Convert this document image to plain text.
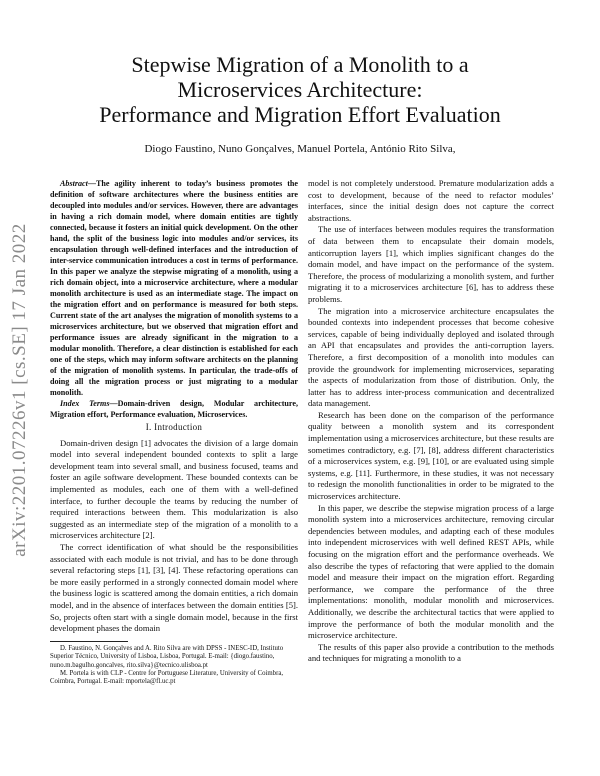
arXiv:2201.07226v1 [cs.SE] 17 Jan 2022
Stepwise Migration of a Monolith to a
Microservices Architecture:
Performance and Migration Effort Evaluation
Diogo Faustino, Nuno Gonçalves, Manuel Portela, António Rito Silva,

Abstract—The agility inherent to today’s business promotes the definition of software architectures where the business entities are decoupled into modules and/or services. However, there are advantages in having a rich domain model, where domain entities are tightly connected, because it fosters an initial quick development. On the other hand, the split of the business logic into modules and/or services, its encapsulation through well-defined interfaces and the introduction of inter-service communication introduces a cost in terms of performance. In this paper we analyze the stepwise migrating of a monolith, using a rich domain object, into a microservice architecture, where a modular monolith architecture is used as an intermediate stage. The impact on the migration effort and on performance is measured for both steps. Current state of the art analyses the migration of monolith systems to a microservices architecture, but we observed that migration effort and performance issues are already significant in the migration to a modular monolith. Therefore, a clear distinction is established for each one of the steps, which may inform software architects on the planning of the migration of monolith systems. In particular, the trade-offs of doing all the migration process or just migrating to a modular monolith.

Index Terms—Domain-driven design, Modular architecture, Migration effort, Performance evaluation, Microservices.

I. Introduction

Domain-driven design [1] advocates the division of a large domain model into several independent bounded contexts to split a large development team into several small, and business focused, teams and foster an agile software development. These bounded contexts can be implemented as modules, each one of them with a well-defined interface, to further decouple the teams by reducing the number of required interactions between them. This modularization is also suggested as an intermediate step of the migration of a monolith to a microservices architecture [2].

The correct identification of what should be the responsibilities associated with each module is not trivial, and has to be done through several refactoring steps [1], [3], [4]. These refactoring operations can be more easily performed in a strongly connected domain model where the business logic is scattered among the domain entities, a rich domain model, and in the absence of interfaces between the domain entities [5]. So, projects often start with a single domain model, because in the first development phases the domain

D. Faustino, N. Gonçalves and A. Rito Silva are with DPSS - INESC-ID, Instituto Superior Técnico, University of Lisboa, Lisboa, Portugal. E-mail: {diogo.faustino, nuno.m.bagulho.goncalves, rito.silva}@tecnico.ulisboa.pt

M. Portela is with CLP - Centre for Portuguese Literature, University of Coimbra, Coimbra, Portugal. E-mail: mportela@fl.uc.pt

model is not completely understood. Premature modularization adds a cost to development, because of the need to refactor modules’ interfaces, since the initial design does not capture the correct abstractions.

The use of interfaces between modules requires the transformation of data between them to encapsulate their domain models, anticorruption layers [1], which implies significant changes do the domain model, and have impact on the performance of the system. Therefore, the process of modularizing a monolith system, and further migrating it to a microservices architecture [6], has to address these problems.

The migration into a microservice architecture encapsulates the bounded contexts into independent processes that become cohesive services, capable of being individually deployed and isolated through an API that encapsulates and provides the anti-corruption layers. Therefore, a first decomposition of a monolith into modules can provide the groundwork for implementing microservices, separating the aspects of modularization from those of distribution. Only, the latter has to address inter-process communication and decentralized data management.

Research has been done on the comparison of the performance quality between a monolith system and its correspondent implementation using a microservices architecture, but these results are sometimes contradictory, e.g. [7], [8], address different characteristics of a microservices system, e.g. [9], [10], or are evaluated using simple systems, e.g. [11]. Furthermore, in these studies, it was not necessary to redesign the monolith functionalities in order to be migrated to the microservices architecture.

In this paper, we describe the stepwise migration process of a large monolith system into a microservices architecture, removing circular dependencies between modules, and adapting each of these modules into independent microservices with well defined REST APIs, while focusing on the migration effort and the performance overheads. We also describe the types of refactoring that were applied to the domain model and measure their impact on the migration effort. Regarding performance, we compare the performance of the three implementations: monolith, modular monolith and microservices. Additionally, we describe the architectural tactics that were applied to improve the performance of both the modular monolith and the microservice architecture.

The results of this paper also provide a contribution to the methods and techniques for migrating a monolith to a
